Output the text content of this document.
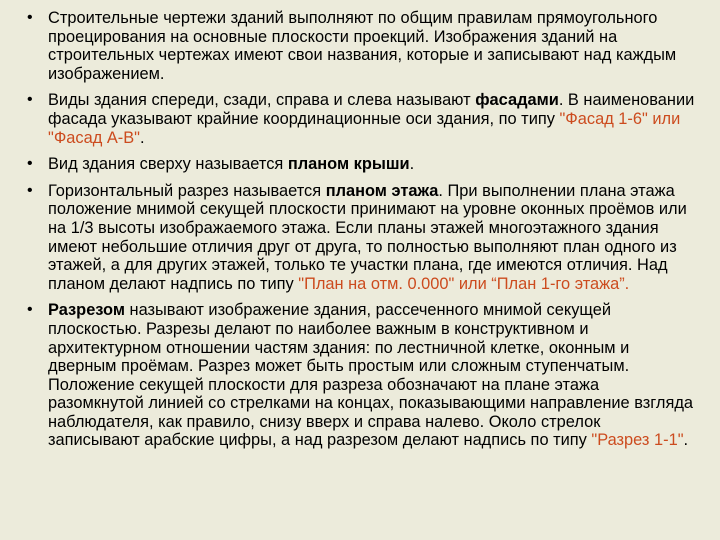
• Строительные чертежи зданий выполняют по общим правилам прямоугольного проецирования на основные плоскости проекций. Изображения зданий на строительных чертежах имеют свои названия, которые и записывают над каждым изображением.
• Виды здания спереди, сзади, справа и слева называют фасадами. В наименовании фасада указывают крайние координационные оси здания, по типу "Фасад 1-6" или "Фасад А-В".
• Вид здания сверху называется планом крыши.
• Горизонтальный разрез называется планом этажа. При выполнении плана этажа положение мнимой секущей плоскости принимают на уровне оконных проёмов или на 1/3 высоты изображаемого этажа. Если планы этажей многоэтажного здания имеют небольшие отличия друг от друга, то полностью выполняют план одного из этажей, а для других этажей, только те участки плана, где имеются отличия. Над планом делают надпись по типу "План на отм. 0.000" или “План 1-го этажа”.
• Разрезом называют изображение здания, рассеченного мнимой секущей плоскостью. Разрезы делают по наиболее важным в конструктивном и архитектурном отношении частям здания: по лестничной клетке, оконным и дверным проёмам. Разрез может быть простым или сложным ступенчатым. Положение секущей плоскости для разреза обозначают на плане этажа разомкнутой линией со стрелками на концах, показывающими направление взгляда наблюдателя, как правило, снизу вверх и справа налево. Около стрелок записывают арабские цифры, а над разрезом делают надпись по типу "Разрез 1-1".
